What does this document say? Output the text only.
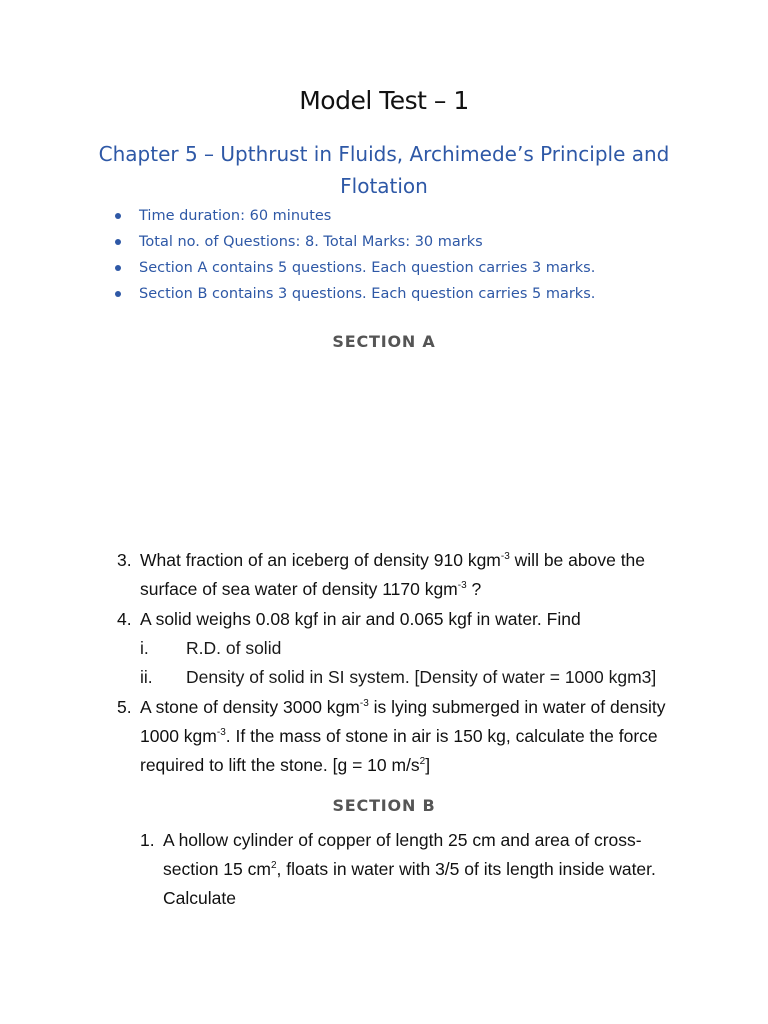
Model Test – 1
Chapter 5 – Upthrust in Fluids, Archimede’s Principle and Flotation
Time duration: 60 minutes
Total no. of Questions: 8. Total Marks: 30 marks
Section A contains 5 questions. Each question carries 3 marks.
Section B contains 3 questions. Each question carries 5 marks.
SECTION A
3. What fraction of an iceberg of density 910 kgm$^{-3}$ will be above the surface of sea water of density 1170 kgm$^{-3}$ ?
4. A solid weighs 0.08 kgf in air and 0.065 kgf in water. Find
i. R.D. of solid
ii. Density of solid in SI system. [Density of water = 1000 kgm3]
5. A stone of density 3000 kgm$^{-3}$ is lying submerged in water of density 1000 kgm$^{-3}$. If the mass of stone in air is 150 kg, calculate the force required to lift the stone. [g = 10 $m/s^2$]
SECTION B
1. A hollow cylinder of copper of length 25 cm and area of cross-section 15 $cm^2$, floats in water with 3/5 of its length inside water. Calculate
